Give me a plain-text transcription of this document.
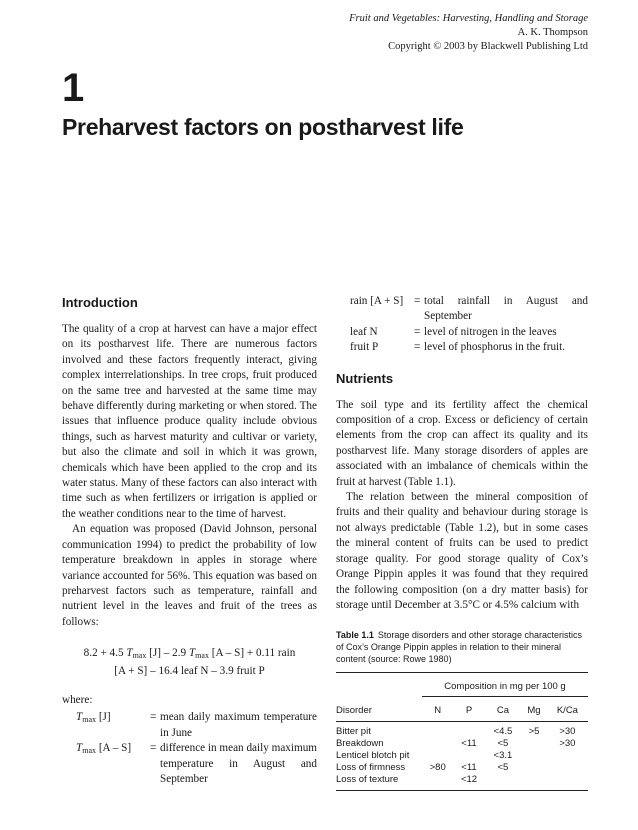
Fruit and Vegetables: Harvesting, Handling and Storage
A. K. Thompson
Copyright © 2003 by Blackwell Publishing Ltd
1
Preharvest factors on postharvest life
Introduction

The quality of a crop at harvest can have a major effect on its postharvest life. There are numerous factors involved and these factors frequently interact, giving complex interrelationships. In tree crops, fruit produced on the same tree and harvested at the same time may behave differently during marketing or when stored. The issues that influence produce quality include obvious things, such as harvest maturity and cultivar or variety, but also the climate and soil in which it was grown, chemicals which have been applied to the crop and its water status. Many of these factors can also interact with time such as when fertilizers or irrigation is applied or the weather conditions near to the time of harvest.

An equation was proposed (David Johnson, personal communication 1994) to predict the probability of low temperature breakdown in apples in storage where variance accounted for 56%. This equation was based on preharvest factors such as temperature, rainfall and nutrient level in the leaves and fruit of the trees as follows:

8.2 + 4.5 $T_{max}$ [J] – 2.9 $T_{max}$ [A – S] + 0.11 rain
[A + S] – 16.4 leaf N – 3.9 fruit P
where:
$T_{max}$ [J]	= mean daily maximum temperature in June
$T_{max}$ [A – S]	= difference in mean daily maximum temperature in August and September
rain [A + S] = total rainfall in August and September
leaf N	= level of nitrogen in the leaves
fruit P	= level of phosphorus in the fruit.
Nutrients

The soil type and its fertility affect the chemical composition of a crop. Excess or deficiency of certain elements from the crop can affect its quality and its postharvest life. Many storage disorders of apples are associated with an imbalance of chemicals within the fruit at harvest (Table 1.1).

The relation between the mineral composition of fruits and their quality and behaviour during storage is not always predictable (Table 1.2), but in some cases the mineral content of fruits can be used to predict storage quality. For good storage quality of Cox’s Orange Pippin apples it was found that they required the following composition (on a dry matter basis) for storage until December at 3.5°C or 4.5% calcium with

Table 1.1 Storage disorders and other storage characteristics of Cox’s Orange Pippin apples in relation to their mineral content (source: Rowe 1980)

	Composition in mg per 100 g				
Disorder	N	P	Ca	Mg	K/Ca
Bitter pit			<4.5	>5	>30
Breakdown		<11	<5		>30
Lenticel blotch pit			<3.1		
Loss of firmness	>80	<11	<5		
Loss of texture		<12			
